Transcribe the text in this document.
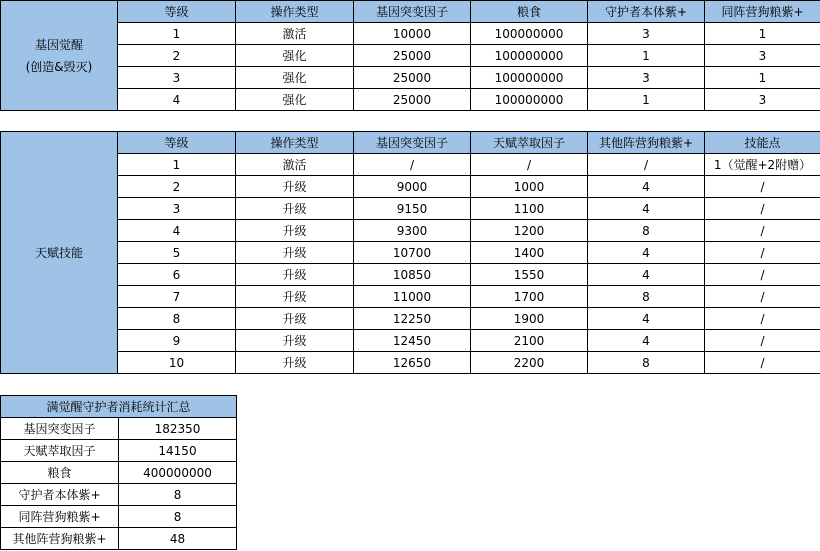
基因觉醒
(创造&毁灭)	等级	操作类型	基因突变因子	粮食	守护者本体紫+	同阵营狗粮紫+
	1	激活	10000	100000000	3	1
	2	强化	25000	100000000	1	3
	3	强化	25000	100000000	3	1
	4	强化	25000	100000000	1	3
天赋技能	等级	操作类型	基因突变因子	天赋萃取因子	其他阵营狗粮紫+	技能点
	1	激活	/	/	/	1（觉醒+2附赠）
	2	升级	9000	1000	4	/
	3	升级	9150	1100	4	/
	4	升级	9300	1200	8	/
	5	升级	10700	1400	4	/
	6	升级	10850	1550	4	/
	7	升级	11000	1700	8	/
	8	升级	12250	1900	4	/
	9	升级	12450	2100	4	/
	10	升级	12650	2200	8	/
满觉醒守护者消耗统计汇总	
基因突变因子	182350
天赋萃取因子	14150
粮食	400000000
守护者本体紫+	8
同阵营狗粮紫+	8
其他阵营狗粮紫+	48
